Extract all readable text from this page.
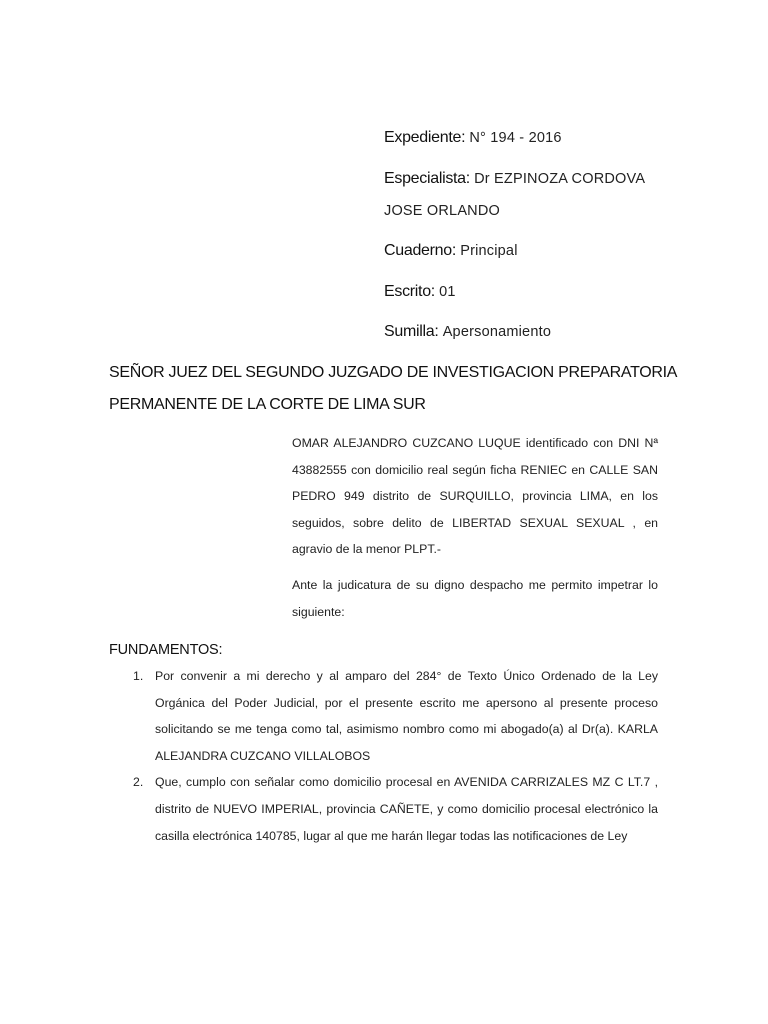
Expediente: N° 194 - 2016
Especialista: Dr EZPINOZA CORDOVA
JOSE ORLANDO
Cuaderno: Principal
Escrito: 01
Sumilla: Apersonamiento
SEÑOR JUEZ DEL SEGUNDO JUZGADO DE INVESTIGACION PREPARATORIA
PERMANENTE DE LA CORTE DE LIMA SUR

OMAR ALEJANDRO CUZCANO LUQUE identificado con DNI Nª 43882555 con domicilio real según ficha RENIEC en CALLE SAN PEDRO 949 distrito de SURQUILLO, provincia LIMA, en los seguidos, sobre delito de LIBERTAD SEXUAL SEXUAL , en agravio de la menor PLPT.-

Ante la judicatura de su digno despacho me permito impetrar lo siguiente:

FUNDAMENTOS:
1. Por convenir a mi derecho y al amparo del 284° de Texto Único Ordenado de la Ley Orgánica del Poder Judicial, por el presente escrito me apersono al presente proceso solicitando se me tenga como tal, asimismo nombro como mi abogado(a) al Dr(a). KARLA ALEJANDRA CUZCANO VILLALOBOS
2. Que, cumplo con señalar como domicilio procesal en AVENIDA CARRIZALES MZ C LT.7 , distrito de NUEVO IMPERIAL, provincia CAÑETE, y como domicilio procesal electrónico la casilla electrónica 140785, lugar al que me harán llegar todas las notificaciones de Ley
